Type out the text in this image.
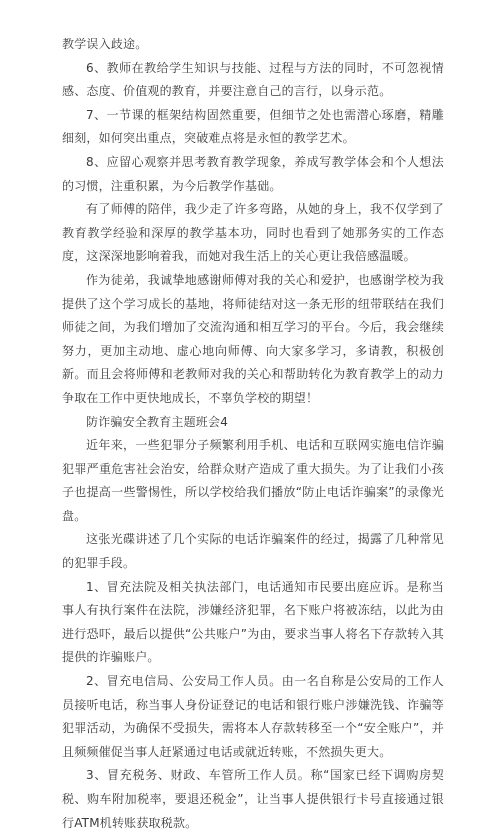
教学误入歧途。

6、教师在教给学生知识与技能、过程与方法的同时，不可忽视情感、态度、价值观的教育，并要注意自己的言行，以身示范。

7、一节课的框架结构固然重要，但细节之处也需潜心琢磨，精雕细刻，如何突出重点，突破难点将是永恒的教学艺术。

8、应留心观察并思考教育教学现象，养成写教学体会和个人想法的习惯，注重积累，为今后教学作基础。

有了师傅的陪伴，我少走了许多弯路，从她的身上，我不仅学到了教育教学经验和深厚的教学基本功，同时也看到了她那务实的工作态度，这深深地影响着我，而她对我生活上的关心更让我倍感温暖。

作为徒弟，我诚挚地感谢师傅对我的关心和爱护，也感谢学校为我提供了这个学习成长的基地，将师徒结对这一条无形的纽带联结在我们师徒之间，为我们增加了交流沟通和相互学习的平台。今后，我会继续努力，更加主动地、虚心地向师傅、向大家多学习，多请教，积极创新。而且会将师傅和老教师对我的关心和帮助转化为教育教学上的动力争取在工作中更快地成长，不辜负学校的期望！

防诈骗安全教育主题班会4

近年来，一些犯罪分子频繁利用手机、电话和互联网实施电信诈骗犯罪严重危害社会治安，给群众财产造成了重大损失。为了让我们小孩子也提高一些警惕性，所以学校给我们播放“防止电话诈骗案”的录像光盘。

这张光碟讲述了几个实际的电话诈骗案件的经过，揭露了几种常见的犯罪手段。

1、冒充法院及相关执法部门，电话通知市民要出庭应诉。是称当事人有执行案件在法院，涉嫌经济犯罪，名下账户将被冻结，以此为由进行恐吓，最后以提供“公共账户”为由，要求当事人将名下存款转入其提供的诈骗账户。

2、冒充电信局、公安局工作人员。由一名自称是公安局的工作人员接听电话，称当事人身份证登记的电话和银行账户涉嫌洗钱、诈骗等犯罪活动，为确保不受损失，需将本人存款转移至一个“安全账户”，并且频频催促当事人赶紧通过电话或就近转账，不然损失更大。

3、冒充税务、财政、车管所工作人员。称“国家已经下调购房契税、购车附加税率，要退还税金”，让当事人提供银行卡号直接通过银行ATM机转账获取税款。
